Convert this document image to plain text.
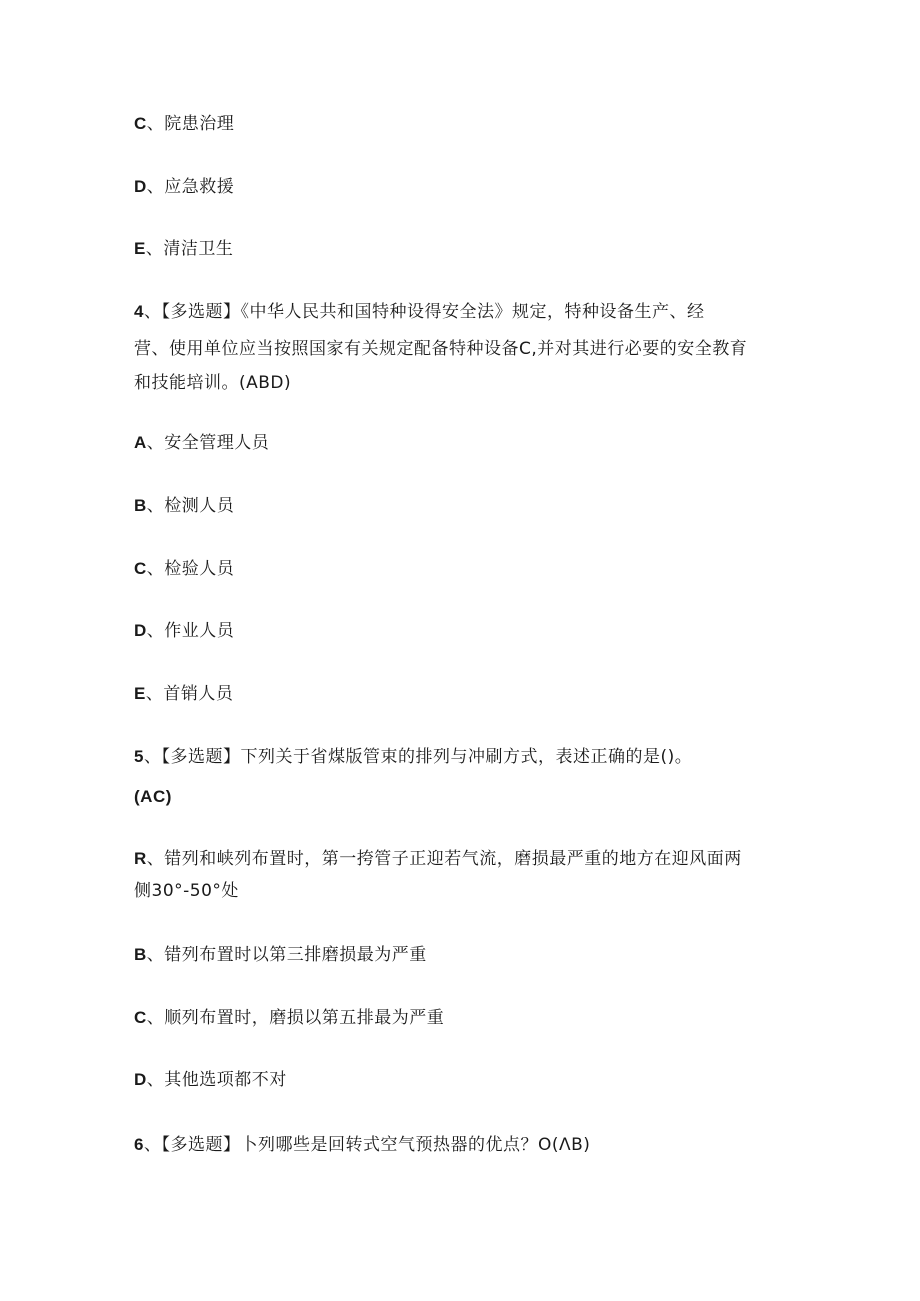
C、院患治理
D、应急救援
E、清洁卫生
4、【多选题】《中华人民共和国特种设得安全法》规定，特种设备生产、经
营、使用单位应当按照国家有关规定配备特种设备C,并对其进行必要的安全教育
和技能培训。(ABD)
A、安全管理人员
B、检测人员
C、检验人员
D、作业人员
E、首销人员
5、【多选题】下列关于省煤版管束的排列与冲刷方式，表述正确的是()。
(AC)
R、错列和峡列布置时，第一挎管子正迎若气流，磨损最严重的地方在迎风面两
侧30°-50°处
B、错列布置时以第三排磨损最为严重
C、顺列布置时，磨损以第五排最为严重
D、其他选项都不对
6、【多选题】卜列哪些是回转式空气预热器的优点？O(ΛB)
